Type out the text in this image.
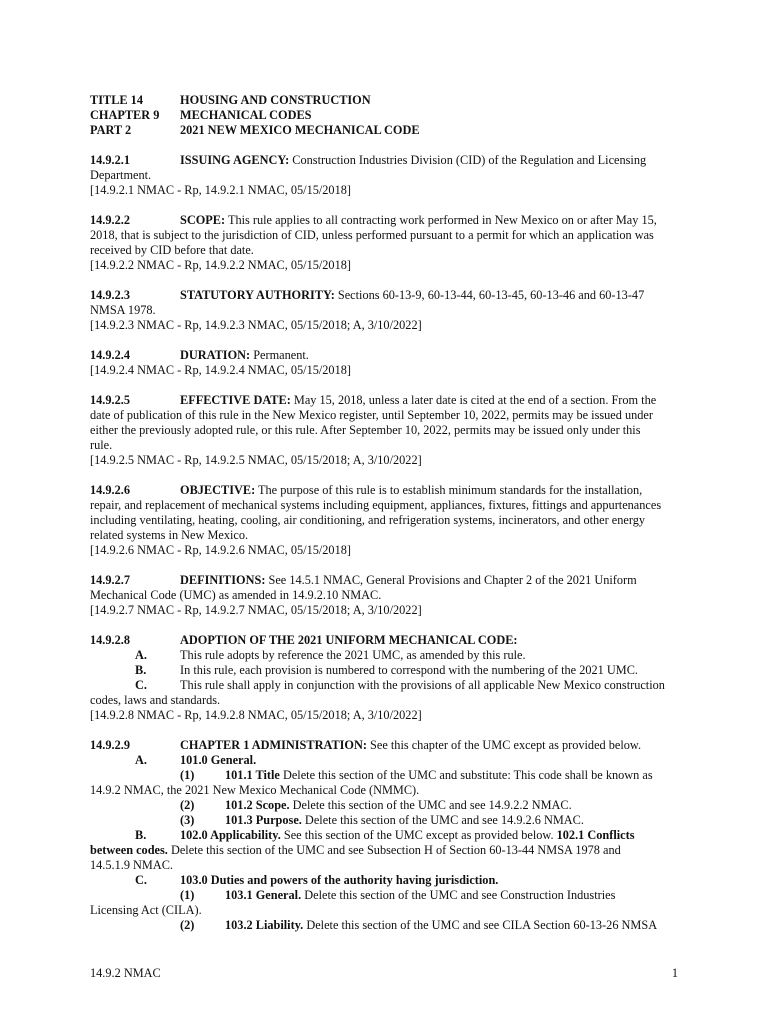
TITLE 14	HOUSING AND CONSTRUCTION
CHAPTER 9	MECHANICAL CODES
PART 2	2021 NEW MEXICO MECHANICAL CODE
14.9.2.1	ISSUING AGENCY: Construction Industries Division (CID) of the Regulation and Licensing
Department.
[14.9.2.1 NMAC - Rp, 14.9.2.1 NMAC, 05/15/2018]
14.9.2.2	SCOPE: This rule applies to all contracting work performed in New Mexico on or after May 15,
2018, that is subject to the jurisdiction of CID, unless performed pursuant to a permit for which an application was
received by CID before that date.
[14.9.2.2 NMAC - Rp, 14.9.2.2 NMAC, 05/15/2018]
14.9.2.3	STATUTORY AUTHORITY: Sections 60-13-9, 60-13-44, 60-13-45, 60-13-46 and 60-13-47
NMSA 1978.
[14.9.2.3 NMAC - Rp, 14.9.2.3 NMAC, 05/15/2018; A, 3/10/2022]
14.9.2.4	DURATION: Permanent.
[14.9.2.4 NMAC - Rp, 14.9.2.4 NMAC, 05/15/2018]
14.9.2.5	EFFECTIVE DATE: May 15, 2018, unless a later date is cited at the end of a section. From the
date of publication of this rule in the New Mexico register, until September 10, 2022, permits may be issued under
either the previously adopted rule, or this rule. After September 10, 2022, permits may be issued only under this
rule.
[14.9.2.5 NMAC - Rp, 14.9.2.5 NMAC, 05/15/2018; A, 3/10/2022]
14.9.2.6	OBJECTIVE: The purpose of this rule is to establish minimum standards for the installation,
repair, and replacement of mechanical systems including equipment, appliances, fixtures, fittings and appurtenances
including ventilating, heating, cooling, air conditioning, and refrigeration systems, incinerators, and other energy
related systems in New Mexico.
[14.9.2.6 NMAC - Rp, 14.9.2.6 NMAC, 05/15/2018]
14.9.2.7	DEFINITIONS: See 14.5.1 NMAC, General Provisions and Chapter 2 of the 2021 Uniform
Mechanical Code (UMC) as amended in 14.9.2.10 NMAC.
[14.9.2.7 NMAC - Rp, 14.9.2.7 NMAC, 05/15/2018; A, 3/10/2022]
14.9.2.8	ADOPTION OF THE 2021 UNIFORM MECHANICAL CODE:
A.	This rule adopts by reference the 2021 UMC, as amended by this rule.
B.	In this rule, each provision is numbered to correspond with the numbering of the 2021 UMC.
C.	This rule shall apply in conjunction with the provisions of all applicable New Mexico construction
codes, laws and standards.
[14.9.2.8 NMAC - Rp, 14.9.2.8 NMAC, 05/15/2018; A, 3/10/2022]
14.9.2.9	CHAPTER 1 ADMINISTRATION: See this chapter of the UMC except as provided below.
A.	101.0 General.
(1) 101.1 Title Delete this section of the UMC and substitute: This code shall be known as
14.9.2 NMAC, the 2021 New Mexico Mechanical Code (NMMC).
(2) 101.2 Scope. Delete this section of the UMC and see 14.9.2.2 NMAC.
(3) 101.3 Purpose. Delete this section of the UMC and see 14.9.2.6 NMAC.
B.	102.0 Applicability. See this section of the UMC except as provided below. 102.1 Conflicts
between codes. Delete this section of the UMC and see Subsection H of Section 60-13-44 NMSA 1978 and
14.5.1.9 NMAC.
C.	103.0 Duties and powers of the authority having jurisdiction.
(1) 103.1 General. Delete this section of the UMC and see Construction Industries
Licensing Act (CILA).
(2) 103.2 Liability. Delete this section of the UMC and see CILA Section 60-13-26 NMSA
14.9.2 NMAC	1
